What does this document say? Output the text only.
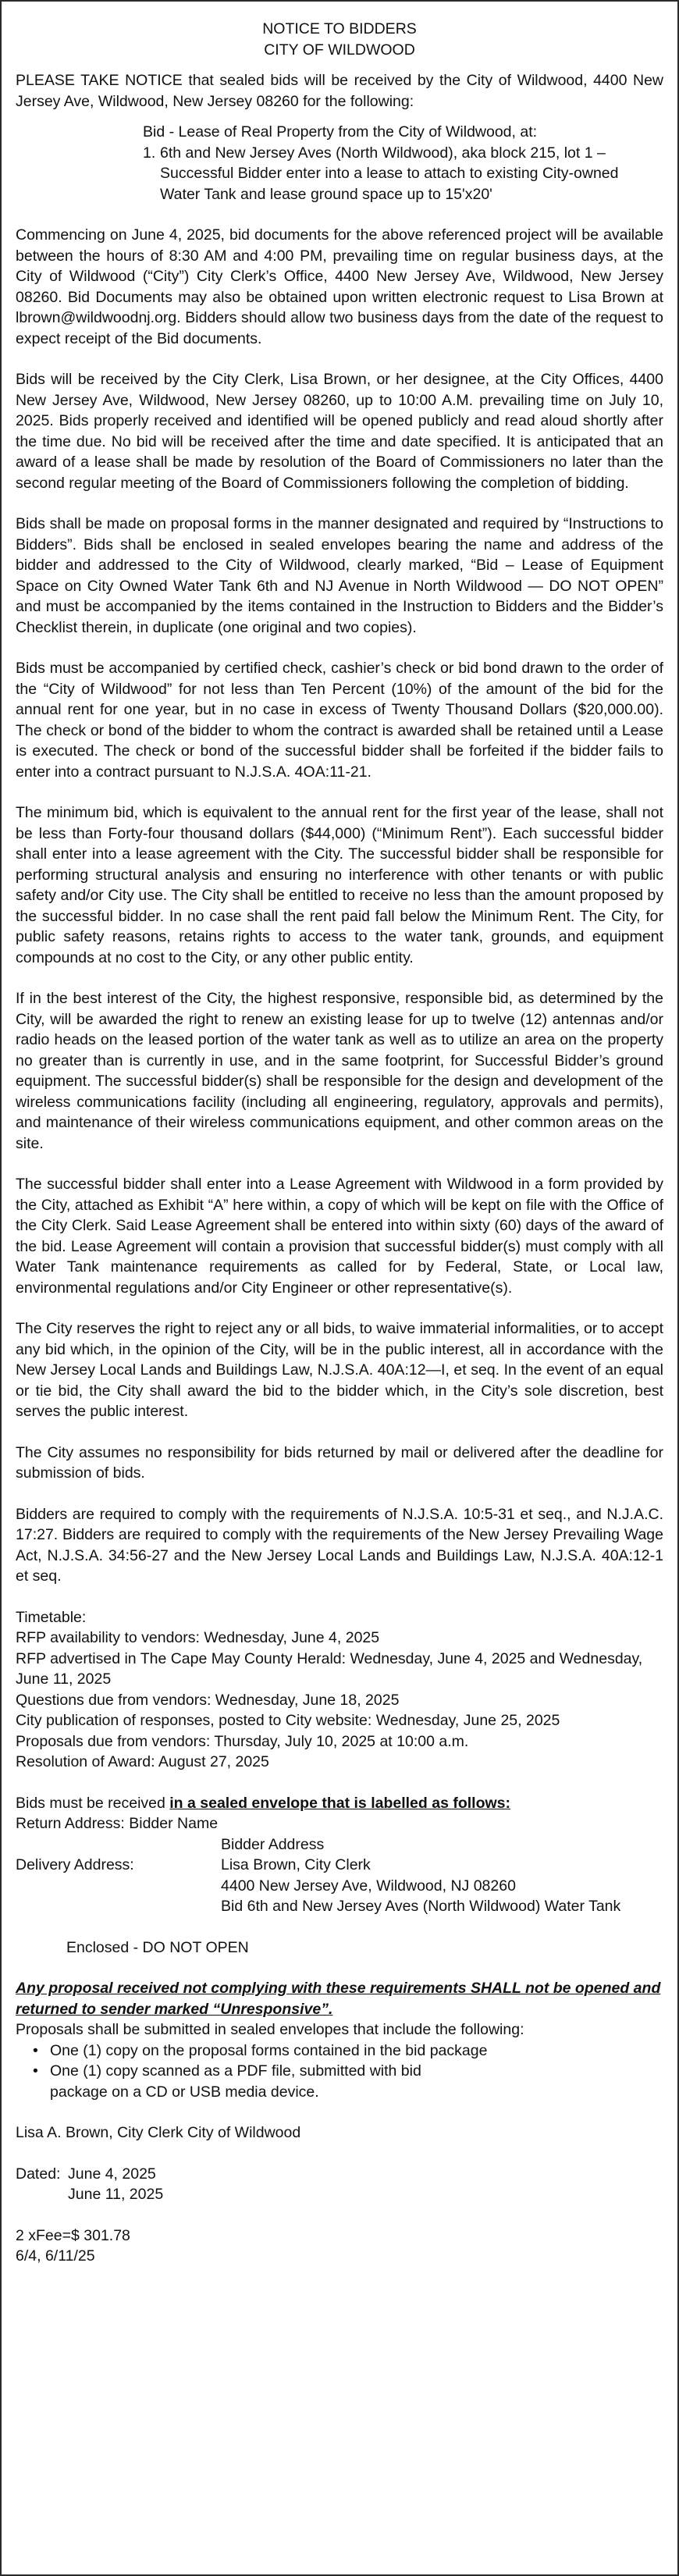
NOTICE TO BIDDERS

CITY OF WILDWOOD

PLEASE TAKE NOTICE that sealed bids will be received by the City of Wildwood, 4400 New Jersey Ave, Wildwood, New Jersey 08260 for the following:

Bid - Lease of Real Property from the City of Wildwood, at:

1. 6th and New Jersey Aves (North Wildwood), aka block 215, lot 1 – Successful Bidder enter into a lease to attach to existing City-owned Water Tank and lease ground space up to 15'x20'

Commencing on June 4, 2025, bid documents for the above referenced project will be available between the hours of 8:30 AM and 4:00 PM, prevailing time on regular business days, at the City of Wildwood (“City”) City Clerk’s Office, 4400 New Jersey Ave, Wildwood, New Jersey 08260. Bid Documents may also be obtained upon written electronic request to Lisa Brown at lbrown@wildwoodnj.org. Bidders should allow two business days from the date of the request to expect receipt of the Bid documents.

Bids will be received by the City Clerk, Lisa Brown, or her designee, at the City Offices, 4400 New Jersey Ave, Wildwood, New Jersey 08260, up to 10:00 A.M. prevailing time on July 10, 2025. Bids properly received and identified will be opened publicly and read aloud shortly after the time due. No bid will be received after the time and date specified. It is anticipated that an award of a lease shall be made by resolution of the Board of Commissioners no later than the second regular meeting of the Board of Commissioners following the completion of bidding.

Bids shall be made on proposal forms in the manner designated and required by “Instructions to Bidders”. Bids shall be enclosed in sealed envelopes bearing the name and address of the bidder and addressed to the City of Wildwood, clearly marked, “Bid – Lease of Equipment Space on City Owned Water Tank 6th and NJ Avenue in North Wildwood — DO NOT OPEN” and must be accompanied by the items contained in the Instruction to Bidders and the Bidder’s Checklist therein, in duplicate (one original and two copies).

Bids must be accompanied by certified check, cashier’s check or bid bond drawn to the order of the “City of Wildwood” for not less than Ten Percent (10%) of the amount of the bid for the annual rent for one year, but in no case in excess of Twenty Thousand Dollars ($20,000.00). The check or bond of the bidder to whom the contract is awarded shall be retained until a Lease is executed. The check or bond of the successful bidder shall be forfeited if the bidder fails to enter into a contract pursuant to N.J.S.A. 4OA:11-21.

The minimum bid, which is equivalent to the annual rent for the first year of the lease, shall not be less than Forty-four thousand dollars ($44,000) (“Minimum Rent”). Each successful bidder shall enter into a lease agreement with the City. The successful bidder shall be responsible for performing structural analysis and ensuring no interference with other tenants or with public safety and/or City use. The City shall be entitled to receive no less than the amount proposed by the successful bidder. In no case shall the rent paid fall below the Minimum Rent. The City, for public safety reasons, retains rights to access to the water tank, grounds, and equipment compounds at no cost to the City, or any other public entity.

If in the best interest of the City, the highest responsive, responsible bid, as determined by the City, will be awarded the right to renew an existing lease for up to twelve (12) antennas and/or radio heads on the leased portion of the water tank as well as to utilize an area on the property no greater than is currently in use, and in the same footprint, for Successful Bidder’s ground equipment. The successful bidder(s) shall be responsible for the design and development of the wireless communications facility (including all engineering, regulatory, approvals and permits), and maintenance of their wireless communications equipment, and other common areas on the site.

The successful bidder shall enter into a Lease Agreement with Wildwood in a form provided by the City, attached as Exhibit “A” here within, a copy of which will be kept on file with the Office of the City Clerk. Said Lease Agreement shall be entered into within sixty (60) days of the award of the bid. Lease Agreement will contain a provision that successful bidder(s) must comply with all Water Tank maintenance requirements as called for by Federal, State, or Local law, environmental regulations and/or City Engineer or other representative(s).

The City reserves the right to reject any or all bids, to waive immaterial informalities, or to accept any bid which, in the opinion of the City, will be in the public interest, all in accordance with the New Jersey Local Lands and Buildings Law, N.J.S.A. 40A:12—I, et seq. In the event of an equal or tie bid, the City shall award the bid to the bidder which, in the City’s sole discretion, best serves the public interest.

The City assumes no responsibility for bids returned by mail or delivered after the deadline for submission of bids.

Bidders are required to comply with the requirements of N.J.S.A. 10:5-31 et seq., and N.J.A.C. 17:27. Bidders are required to comply with the requirements of the New Jersey Prevailing Wage Act, N.J.S.A. 34:56-27 and the New Jersey Local Lands and Buildings Law, N.J.S.A. 40A:12-1 et seq.

Timetable:

RFP availability to vendors: Wednesday, June 4, 2025

RFP advertised in The Cape May County Herald: Wednesday, June 4, 2025 and Wednesday, June 11, 2025

Questions due from vendors: Wednesday, June 18, 2025

City publication of responses, posted to City website: Wednesday, June 25, 2025

Proposals due from vendors: Thursday, July 10, 2025 at 10:00 a.m.

Resolution of Award: August 27, 2025

Bids must be received in a sealed envelope that is labelled as follows:

Return Address: Bidder Name
Bidder Address
Delivery Address:	Lisa Brown, City Clerk

4400 New Jersey Ave, Wildwood, NJ 08260

Bid 6th and New Jersey Aves (North Wildwood) Water Tank

Enclosed - DO NOT OPEN

Any proposal received not complying with these requirements SHALL not be opened and returned to sender marked “Unresponsive”.

Proposals shall be submitted in sealed envelopes that include the following:

• One (1) copy on the proposal forms contained in the bid package
• One (1) copy scanned as a PDF file, submitted with bid package on a CD or USB media device.

Lisa A. Brown, City Clerk City of Wildwood

Dated: June 4, 2025
June 11, 2025

2 xFee=$ 301.78

6/4, 6/11/25
